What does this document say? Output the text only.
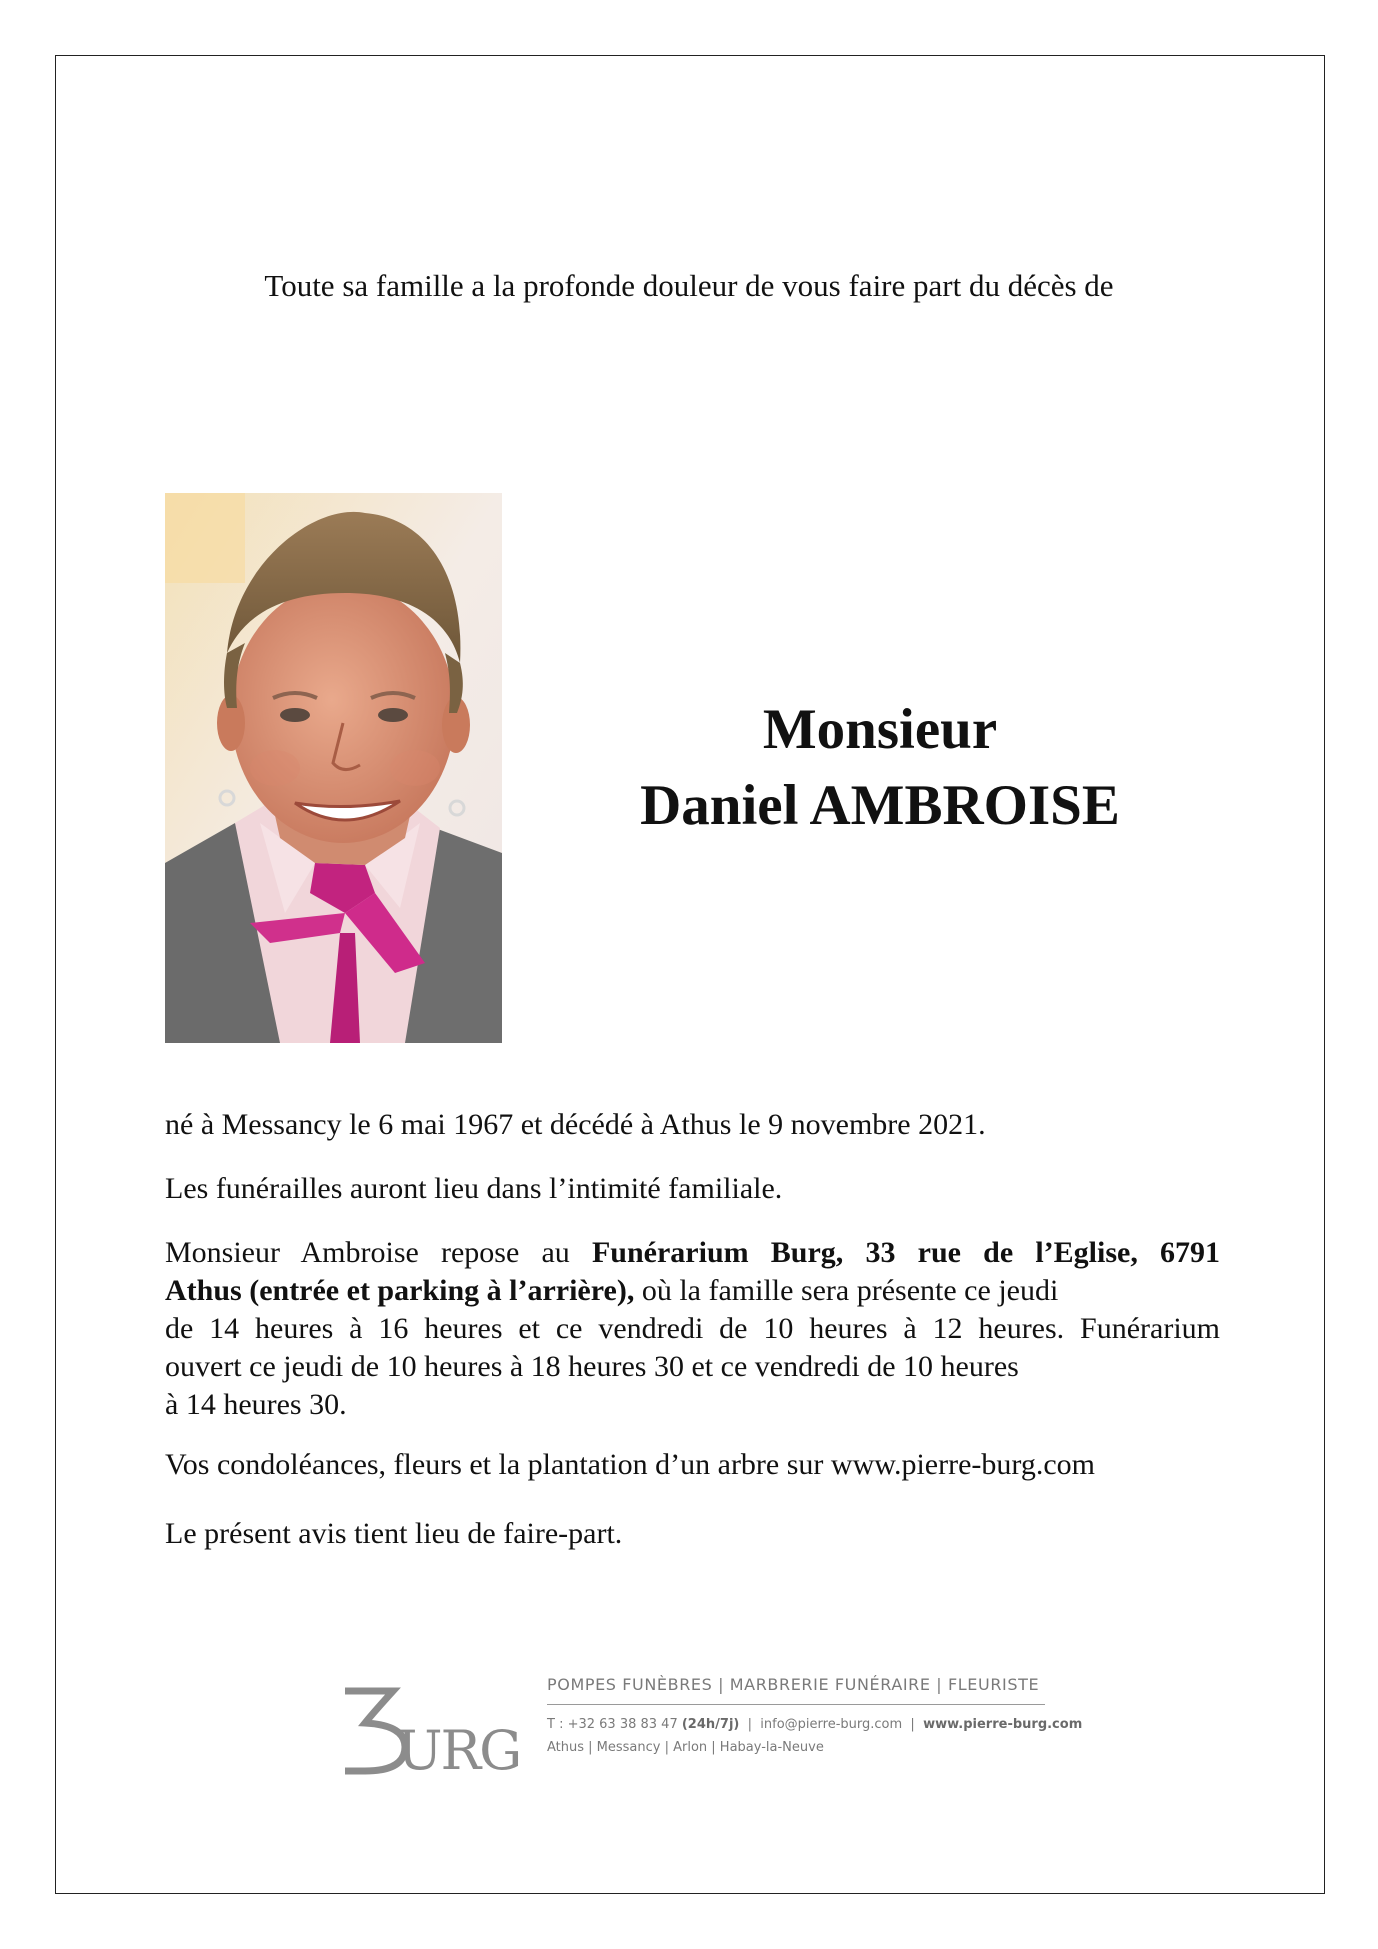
Toute sa famille a la profonde douleur de vous faire part du décès de
Monsieur
Daniel AMBROISE

né à Messancy le 6 mai 1967 et décédé à Athus le 9 novembre 2021.

Les funérailles auront lieu dans l’intimité familiale.

Monsieur Ambroise repose au Funérarium Burg, 33 rue de l’Eglise, 6791
Athus (entrée et parking à l’arrière), où la famille sera présente ce jeudi
de 14 heures à 16 heures et ce vendredi de 10 heures à 12 heures. Funérarium
ouvert ce jeudi de 10 heures à 18 heures 30 et ce vendredi de 10 heures
à 14 heures 30.

Vos condoléances, fleurs et la plantation d’un arbre sur www.pierre-burg.com

Le présent avis tient lieu de faire-part.

URG
POMPES FUNÈBRES | MARBRERIE FUNÉRAIRE | FLEURISTE
T : +32 63 38 83 47 (24h/7j)  |  info@pierre-burg.com  |  www.pierre-burg.com
Athus | Messancy | Arlon | Habay-la-Neuve
